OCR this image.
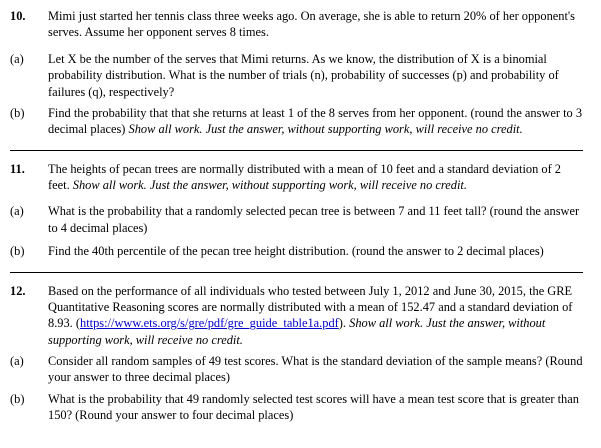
10.	Mimi just started her tennis class three weeks ago. On average, she is able to return 20% of her opponent's serves. Assume her opponent serves 8 times.
(a)	Let X be the number of the serves that Mimi returns. As we know, the distribution of X is a binomial probability distribution. What is the number of trials (n), probability of successes (p) and probability of failures (q), respectively?
(b)	Find the probability that that she returns at least 1 of the 8 serves from her opponent. (round the answer to 3 decimal places) Show all work. Just the answer, without supporting work, will receive no credit.
11.	The heights of pecan trees are normally distributed with a mean of 10 feet and a standard deviation of 2 feet. Show all work. Just the answer, without supporting work, will receive no credit.
(a)	What is the probability that a randomly selected pecan tree is between 7 and 11 feet tall? (round the answer to 4 decimal places)
(b)	Find the 40th percentile of the pecan tree height distribution. (round the answer to 2 decimal places)
12.	Based on the performance of all individuals who tested between July 1, 2012 and June 30, 2015, the GRE Quantitative Reasoning scores are normally distributed with a mean of 152.47 and a standard deviation of 8.93. (https://www.ets.org/s/gre/pdf/gre_guide_table1a.pdf). Show all work. Just the answer, without supporting work, will receive no credit.
(a)	Consider all random samples of 49 test scores. What is the standard deviation of the sample means? (Round your answer to three decimal places)
(b)	What is the probability that 49 randomly selected test scores will have a mean test score that is greater than 150? (Round your answer to four decimal places)
